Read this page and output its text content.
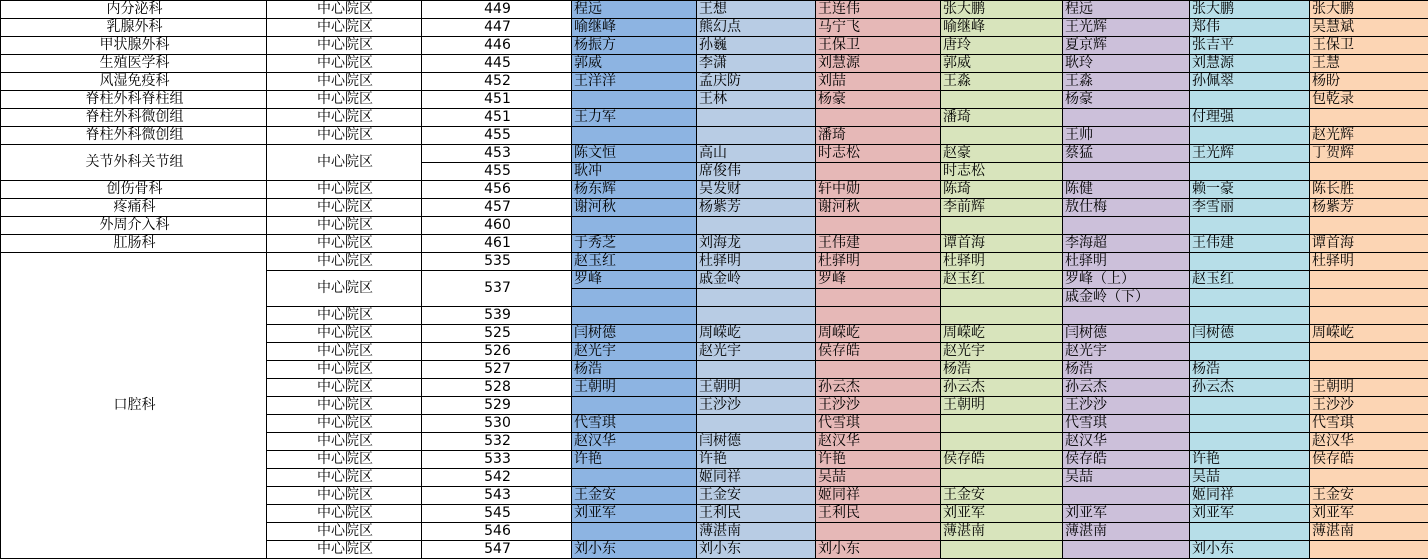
内分泌科	中心院区	449	程远	王想	王连伟	张大鹏	程远	张大鹏	张大鹏
乳腺外科	中心院区	447	喻继峰	熊幻点	马宁飞	喻继峰	王光辉	郑伟	吴慧斌
甲状腺外科	中心院区	446	杨振方	孙巍	王保卫	唐玲	夏京辉	张吉平	王保卫
生殖医学科	中心院区	445	郭威	李潇	刘慧源	郭威	耿玲	刘慧源	王慧
风湿免疫科	中心院区	452	王洋洋	孟庆防	刘喆	王淼	王淼	孙佩翠	杨盼
脊柱外科脊柱组	中心院区	451		王林	杨豪		杨豪		包乾录
脊柱外科微创组	中心院区	451	王力军			潘琦		付理强	
脊柱外科微创组	中心院区	455			潘琦		王帅		赵光辉
关节外科关节组	中心院区	453	陈文恒	高山	时志松	赵豪	蔡猛	王光辉	丁贺辉
		455	耿冲	席俊伟		时志松			
创伤骨科	中心院区	456	杨东辉	吴发财	轩中勋	陈琦	陈健	赖一豪	陈长胜
疼痛科	中心院区	457	谢河秋	杨紫芳	谢河秋	李前辉	敖仕梅	李雪丽	杨紫芳
外周介入科	中心院区	460							
肛肠科	中心院区	461	于秀芝	刘海龙	王伟建	谭首海	李海超	王伟建	谭首海
口腔科	中心院区	535	赵玉红	杜驿明	杜驿明	杜驿明	杜驿明		杜驿明
	中心院区	537	罗峰	戚金岭	罗峰	赵玉红	罗峰（上）	赵玉红	
							戚金岭（下）		
	中心院区	539							
	中心院区	525	闫树德	周嵘屹	周嵘屹	周嵘屹	闫树德	闫树德	周嵘屹
	中心院区	526	赵光宇	赵光宇	侯存皓	赵光宇	赵光宇		
	中心院区	527	杨浩			杨浩	杨浩	杨浩	
	中心院区	528	王朝明	王朝明	孙云杰	孙云杰	孙云杰	孙云杰	王朝明
	中心院区	529		王沙沙	王沙沙	王朝明	王沙沙		王沙沙
	中心院区	530	代雪琪		代雪琪		代雪琪		代雪琪
	中心院区	532	赵汉华	闫树德	赵汉华		赵汉华		赵汉华
	中心院区	533	许艳	许艳	许艳	侯存皓	侯存皓	许艳	侯存皓
	中心院区	542		姬同祥	吴喆		吴喆	吴喆	
	中心院区	543	王金安	王金安	姬同祥	王金安		姬同祥	王金安
	中心院区	545	刘亚军	王利民	王利民	刘亚军	刘亚军	刘亚军	刘亚军
	中心院区	546		薄湛南		薄湛南	薄湛南		薄湛南
	中心院区	547	刘小东	刘小东	刘小东			刘小东	
